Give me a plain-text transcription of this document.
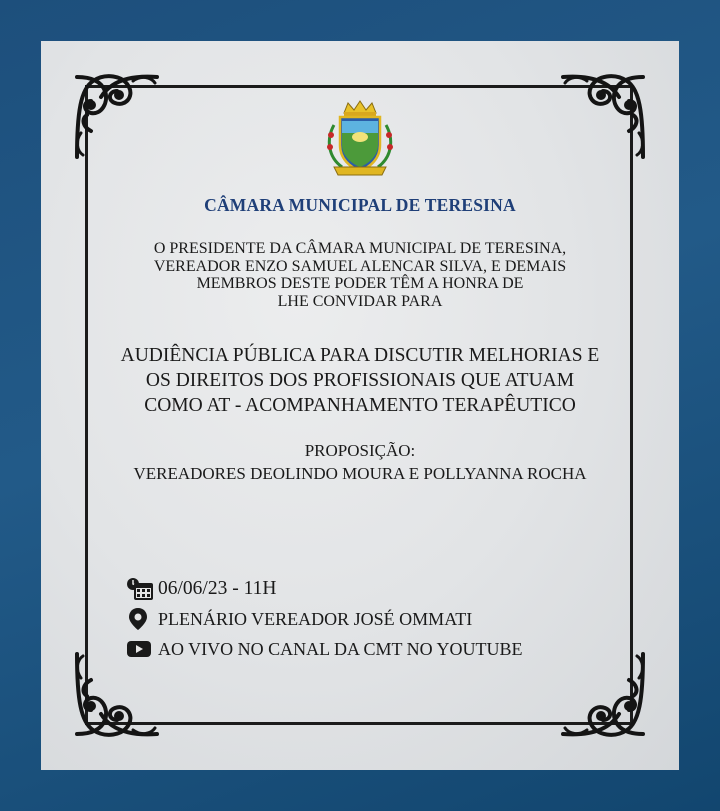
CÂMARA MUNICIPAL DE TERESINA
O PRESIDENTE DA CÂMARA MUNICIPAL DE TERESINA,
VEREADOR ENZO SAMUEL ALENCAR SILVA, E DEMAIS
MEMBROS DESTE PODER TÊM A HONRA DE
LHE CONVIDAR PARA
AUDIÊNCIA PÚBLICA PARA DISCUTIR MELHORIAS E
OS DIREITOS DOS PROFISSIONAIS QUE ATUAM
COMO AT - ACOMPANHAMENTO TERAPÊUTICO
PROPOSIÇÃO:
VEREADORES DEOLINDO MOURA E POLLYANNA ROCHA
06/06/23 - 11H
PLENÁRIO VEREADOR JOSÉ OMMATI
AO VIVO NO CANAL DA CMT NO YOUTUBE
